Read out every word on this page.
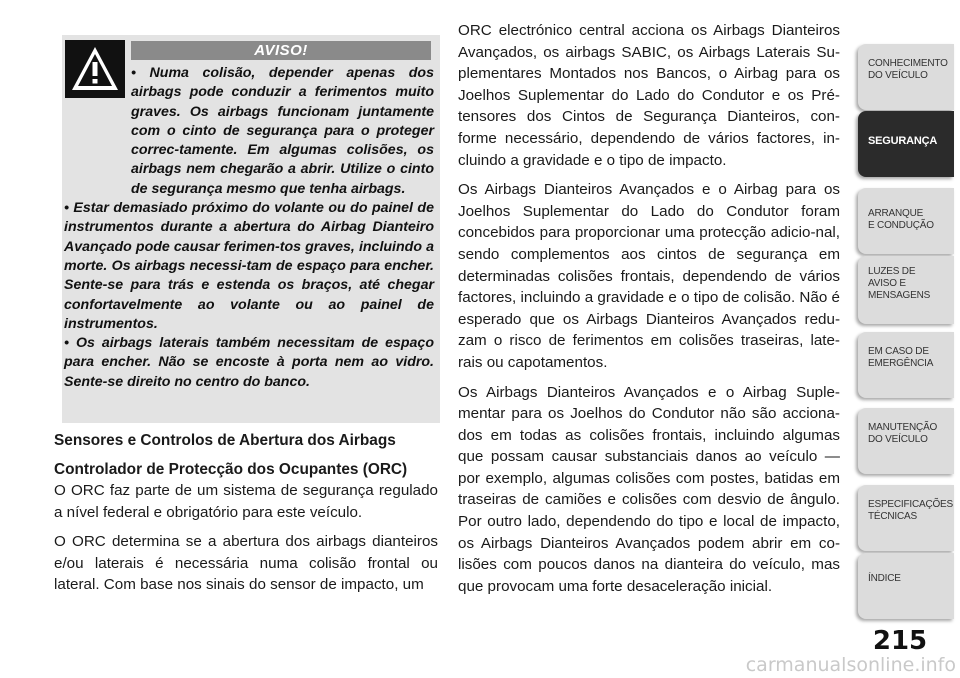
AVISO!

• Numa colisão, depender apenas dos airbags pode conduzir a ferimentos muito graves. Os airbags funcionam juntamente com o cinto de segurança para o proteger correc-tamente. Em algumas colisões, os airbags nem chegarão a abrir. Utilize o cinto de segurança mesmo que tenha airbags.

• Estar demasiado próximo do volante ou do painel de instrumentos durante a abertura do Airbag Dianteiro Avançado pode causar ferimen-tos graves, incluindo a morte. Os airbags necessi-tam de espaço para encher. Sente-se para trás e estenda os braços, até chegar confortavelmente ao volante ou ao painel de instrumentos.

• Os airbags laterais também necessitam de espaço para encher. Não se encoste à porta nem ao vidro. Sente-se direito no centro do banco.

Sensores e Controlos de Abertura dos Airbags
Controlador de Protecção dos Ocupantes (ORC)

O ORC faz parte de um sistema de segurança regulado a nível federal e obrigatório para este veículo.

O ORC determina se a abertura dos airbags dianteiros e/ou laterais é necessária numa colisão frontal ou lateral. Com base nos sinais do sensor de impacto, um

ORC electrónico central acciona os Airbags Dianteiros Avançados, os airbags SABIC, os Airbags Laterais Su-plementares Montados nos Bancos, o Airbag para os Joelhos Suplementar do Lado do Condutor e os Pré-tensores dos Cintos de Segurança Dianteiros, con-forme necessário, dependendo de vários factores, in-cluindo a gravidade e o tipo de impacto.

Os Airbags Dianteiros Avançados e o Airbag para os Joelhos Suplementar do Lado do Condutor foram concebidos para proporcionar uma protecção adicio-nal, sendo complementos aos cintos de segurança em determinadas colisões frontais, dependendo de vários factores, incluindo a gravidade e o tipo de colisão. Não é esperado que os Airbags Dianteiros Avançados redu-zam o risco de ferimentos em colisões traseiras, late-rais ou capotamentos.

Os Airbags Dianteiros Avançados e o Airbag Suple-mentar para os Joelhos do Condutor não são acciona-dos em todas as colisões frontais, incluindo algumas que possam causar substanciais danos ao veículo — por exemplo, algumas colisões com postes, batidas em traseiras de camiões e colisões com desvio de ângulo. Por outro lado, dependendo do tipo e local de impacto, os Airbags Dianteiros Avançados podem abrir em co-lisões com poucos danos na dianteira do veículo, mas que provocam uma forte desaceleração inicial.

CONHECIMENTO
DO VEÍCULO
SEGURANÇA
ARRANQUE
E CONDUÇÃO
LUZES DE
AVISO E
MENSAGENS
EM CASO DE
EMERGÊNCIA
MANUTENÇÃO
DO VEÍCULO
ESPECIFICAÇÕES
TÉCNICAS
ÍNDICE
215
carmanualsonline.info
